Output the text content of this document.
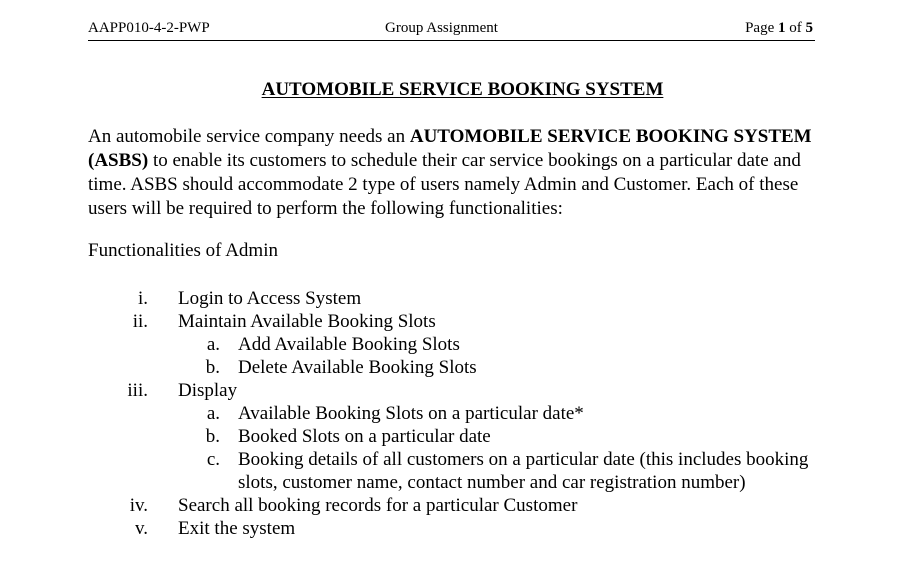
AAPP010-4-2-PWP	Group Assignment	Page 1 of 5
AUTOMOBILE SERVICE BOOKING SYSTEM
An automobile service company needs an AUTOMOBILE SERVICE BOOKING SYSTEM
(ASBS) to enable its customers to schedule their car service bookings on a particular date and
time. ASBS should accommodate 2 type of users namely Admin and Customer. Each of these
users will be required to perform the following functionalities:
Functionalities of Admin
i. Login to Access System
ii. Maintain Available Booking Slots
a. Add Available Booking Slots
b. Delete Available Booking Slots
iii. Display
a. Available Booking Slots on a particular date*
b. Booked Slots on a particular date
c. Booking details of all customers on a particular date (this includes booking
slots, customer name, contact number and car registration number)
iv. Search all booking records for a particular Customer
v. Exit the system
